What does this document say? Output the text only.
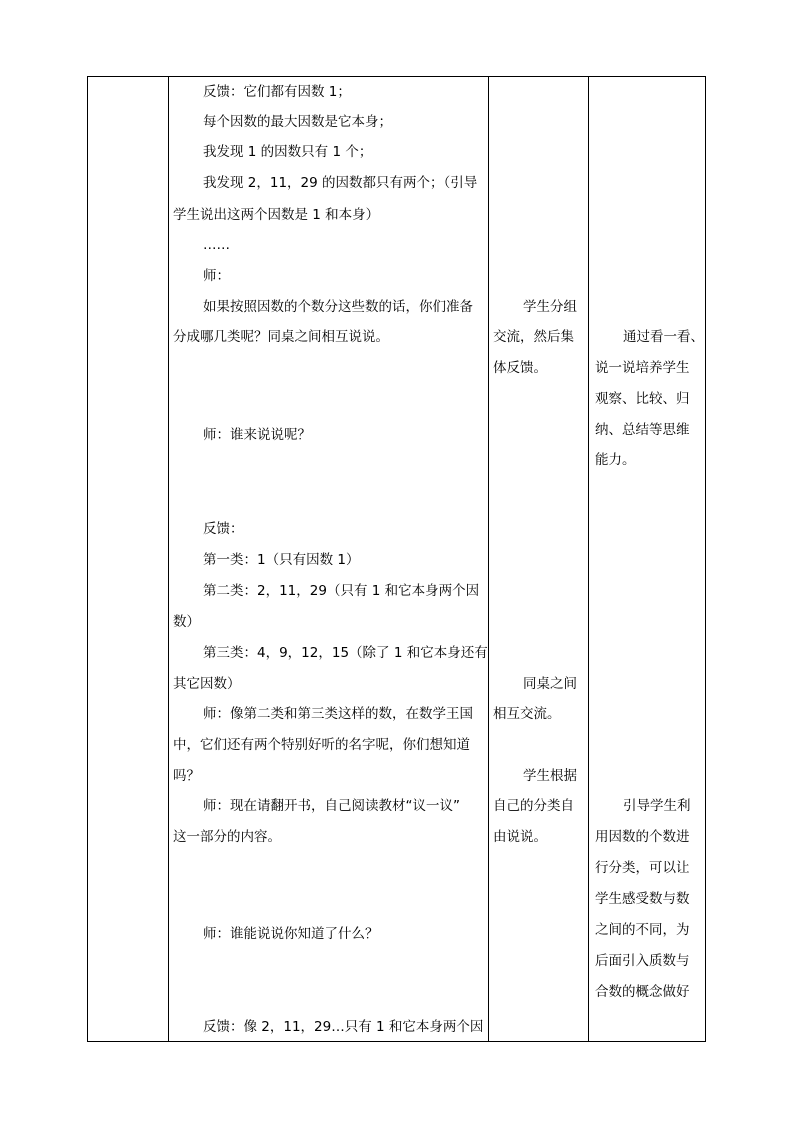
反馈：它们都有因数 1；
每个因数的最大因数是它本身；
我发现 1 的因数只有 1 个；
我发现 2，11，29 的因数都只有两个；（引导
学生说出这两个因数是 1 和本身）
……
师：
如果按照因数的个数分这些数的话，你们准备
分成哪几类呢？同桌之间相互说说。
师：谁来说说呢？
反馈：
第一类：1（只有因数 1）
第二类：2，11，29（只有 1 和它本身两个因
数）
第三类：4，9，12，15（除了 1 和它本身还有
其它因数）
师：像第二类和第三类这样的数，在数学王国
中，它们还有两个特别好听的名字呢，你们想知道
吗？
师：现在请翻开书，自己阅读教材“议一议”
这一部分的内容。
师：谁能说说你知道了什么？
反馈：像 2，11，29…只有 1 和它本身两个因
学生分组
交流，然后集
体反馈。
同桌之间
相互交流。
学生根据
自己的分类自
由说说。
通过看一看、
说一说培养学生
观察、比较、归
纳、总结等思维
能力。
引导学生利
用因数的个数进
行分类，可以让
学生感受数与数
之间的不同，为
后面引入质数与
合数的概念做好
